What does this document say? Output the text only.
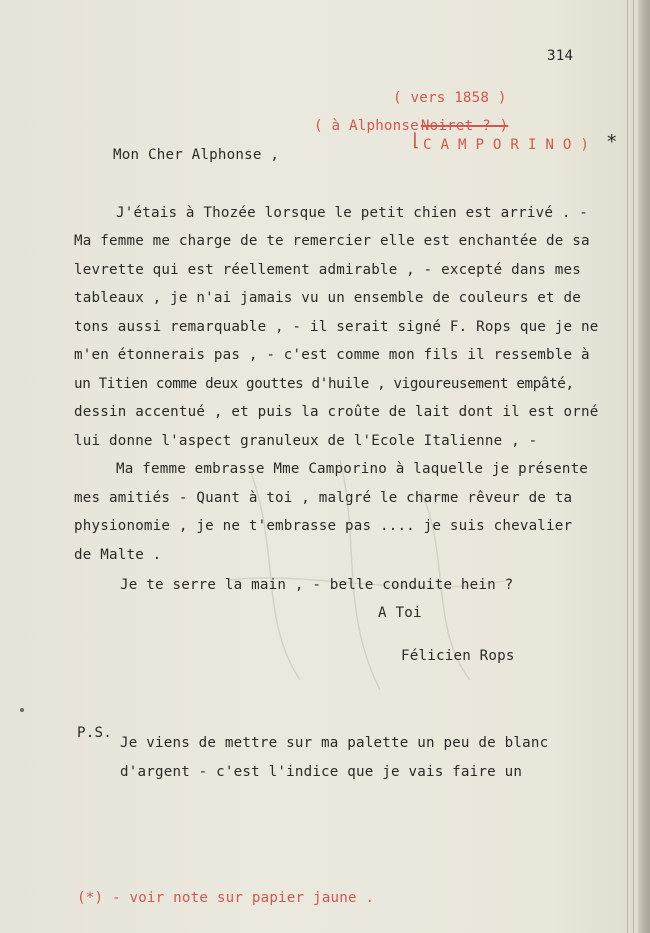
314
( vers 1858 )
( à Alphonse Noiret ? )
⌊ C A M P O R I N O ) *
Mon Cher Alphonse ,
J'étais à Thozée lorsque le petit chien est arrivé . -
Ma femme me charge de te remercier elle est enchantée de sa
levrette qui est réellement admirable , - excepté dans mes
tableaux , je n'ai jamais vu un ensemble de couleurs et de
tons aussi remarquable , - il serait signé F. Rops que je ne
m'en étonnerais pas , - c'est comme mon fils il ressemble à
un Titien comme deux gouttes d'huile , vigoureusement empâté,
dessin accentué , et puis la croûte de lait dont il est orné
lui donne l'aspect granuleux de l'Ecole Italienne , -
Ma femme embrasse Mme Camporino à laquelle je présente
mes amitiés - Quant à toi , malgré le charme rêveur de ta
physionomie , je ne t'embrasse pas .... je suis chevalier
de Malte .
Je te serre la main , - belle conduite hein ?
A Toi
Félicien Rops
P.S.
Je viens de mettre sur ma palette un peu de blanc
d'argent - c'est l'indice que je vais faire un
(*) - voir note sur papier jaune .
